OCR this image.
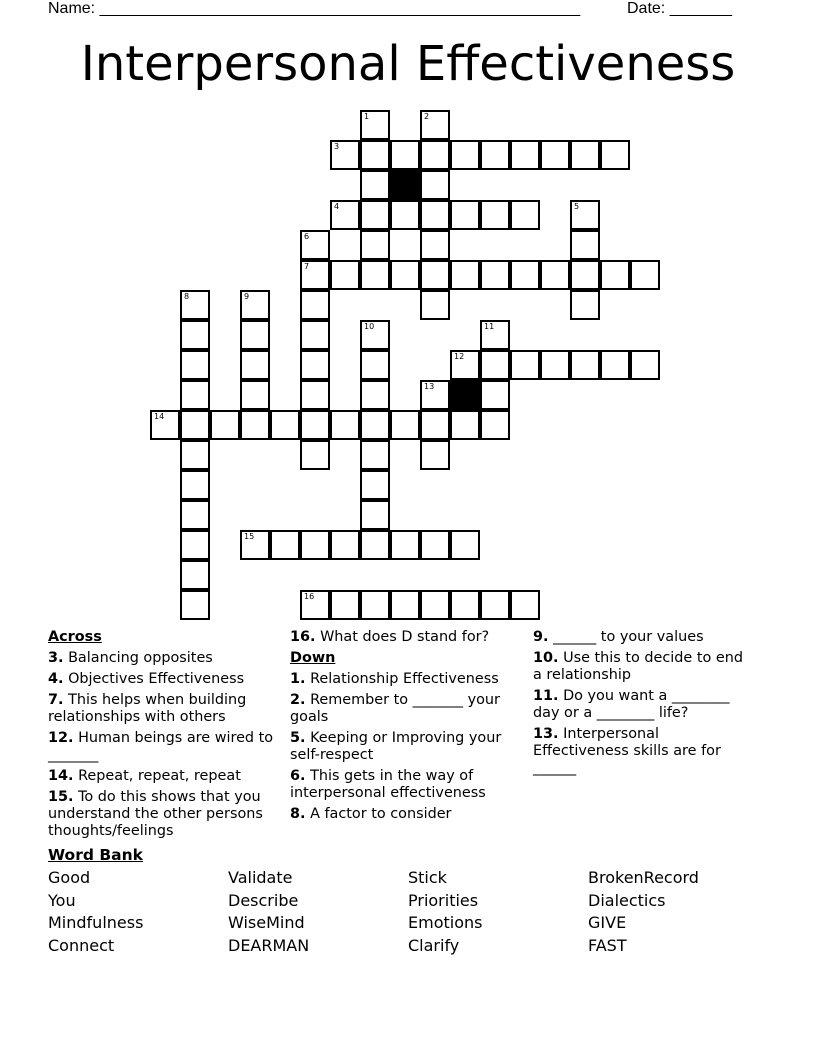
Name: ______________________________________________________	Date: _______
Interpersonal Effectiveness
1	2
3
4	5
6
7
8	9
10	11
12
13
14
15
16
Across
3. Balancing opposites
4. Objectives Effectiveness
7. This helps when building relationships with others
12. Human beings are wired to _______
14. Repeat, repeat, repeat
15. To do this shows that you understand the other persons thoughts/feelings
16. What does D stand for?
Down
1. Relationship Effectiveness
2. Remember to _______ your goals
5. Keeping or Improving your self-respect
6. This gets in the way of interpersonal effectiveness
8. A factor to consider
9. ______ to your values
10. Use this to decide to end a relationship
11. Do you want a ________ day or a ________ life?
13. Interpersonal Effectiveness skills are for ______
Word Bank
Good	Validate	Stick	BrokenRecord
You	Describe	Priorities	Dialectics
Mindfulness	WiseMind	Emotions	GIVE
Connect	DEARMAN	Clarify	FAST
